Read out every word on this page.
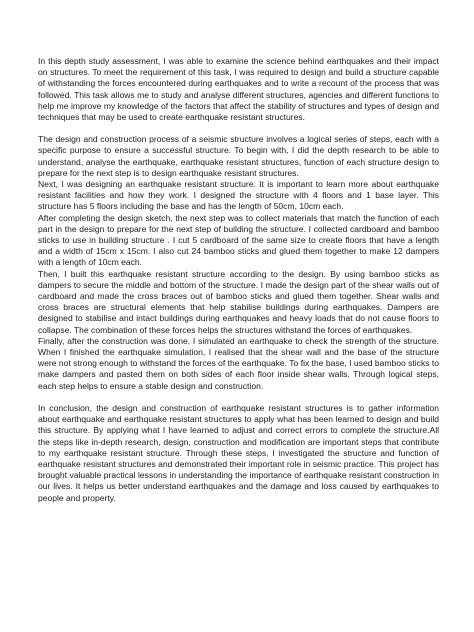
In this depth study assessment, I was able to examine the science behind earthquakes and their impact on structures. To meet the requirement of this task, I was required to design and build a structure capable of withstanding the forces encountered during earthquakes and to write a recount of the process that was followed. This task allows me to study and analyse different structures, agencies and different functions to help me improve my knowledge of the factors that affect the stability of structures and types of design and techniques that may be used to create earthquake resistant structures.

The design and construction process of a seismic structure involves a logical series of steps, each with a specific purpose to ensure a successful structure. To begin with, I did the depth research to be able to understand, analyse the earthquake, earthquake resistant structures, function of each structure design to prepare for the next step is to design earthquake resistant structures.

Next, I was designing an earthquake resistant structure. It is important to learn more about earthquake resistant facilities and how they work. I designed the structure with 4 floors and 1 base layer. This structure has 5 floors including the base and has the length of 50cm, 10cm each.

After completing the design sketch, the next step was to collect materials that match the function of each part in the design to prepare for the next step of building the structure. I collected cardboard and bamboo sticks to use in building structure . I cut 5 cardboard of the same size to create floors that have a length and a width of 15cm x 15cm. I also cut 24 bamboo sticks and glued them together to make 12 dampers with a length of 10cm each.

Then, I built this earthquake resistant structure according to the design. By using bamboo sticks as dampers to secure the middle and bottom of the structure. I made the design part of the shear walls out of cardboard and made the cross braces out of bamboo sticks and glued them together. Shear walls and cross braces are structural elements that help stabilise buildings during earthquakes. Dampers are designed to stabilise and intact buildings during earthquakes and heavy loads that do not cause floors to collapse. The combination of these forces helps the structures withstand the forces of earthquakes.

Finally, after the construction was done, I simulated an earthquake to check the strength of the structure. When I finished the earthquake simulation, I realised that the shear wall and the base of the structure were not strong enough to withstand the forces of the earthquake. To fix the base, I used bamboo sticks to make dampers and pasted them on both sides of each floor inside shear walls. Through logical steps, each step helps to ensure a stable design and construction.

In conclusion, the design and construction of earthquake resistant structures is to gather information about earthquake and earthquake resistant structures to apply what has been learned to design and build this structure. By applying what I have learned to adjust and correct errors to complete the structure.All the steps like in-depth research, design, construction and modification are important steps that contribute to my earthquake resistant structure. Through these steps, I investigated the structure and function of earthquake resistant structures and demonstrated their important role in seismic practice. This project has brought valuable practical lessons in understanding the importance of earthquake resistant construction in our lives. It helps us better understand earthquakes and the damage and loss caused by earthquakes to people and property.
